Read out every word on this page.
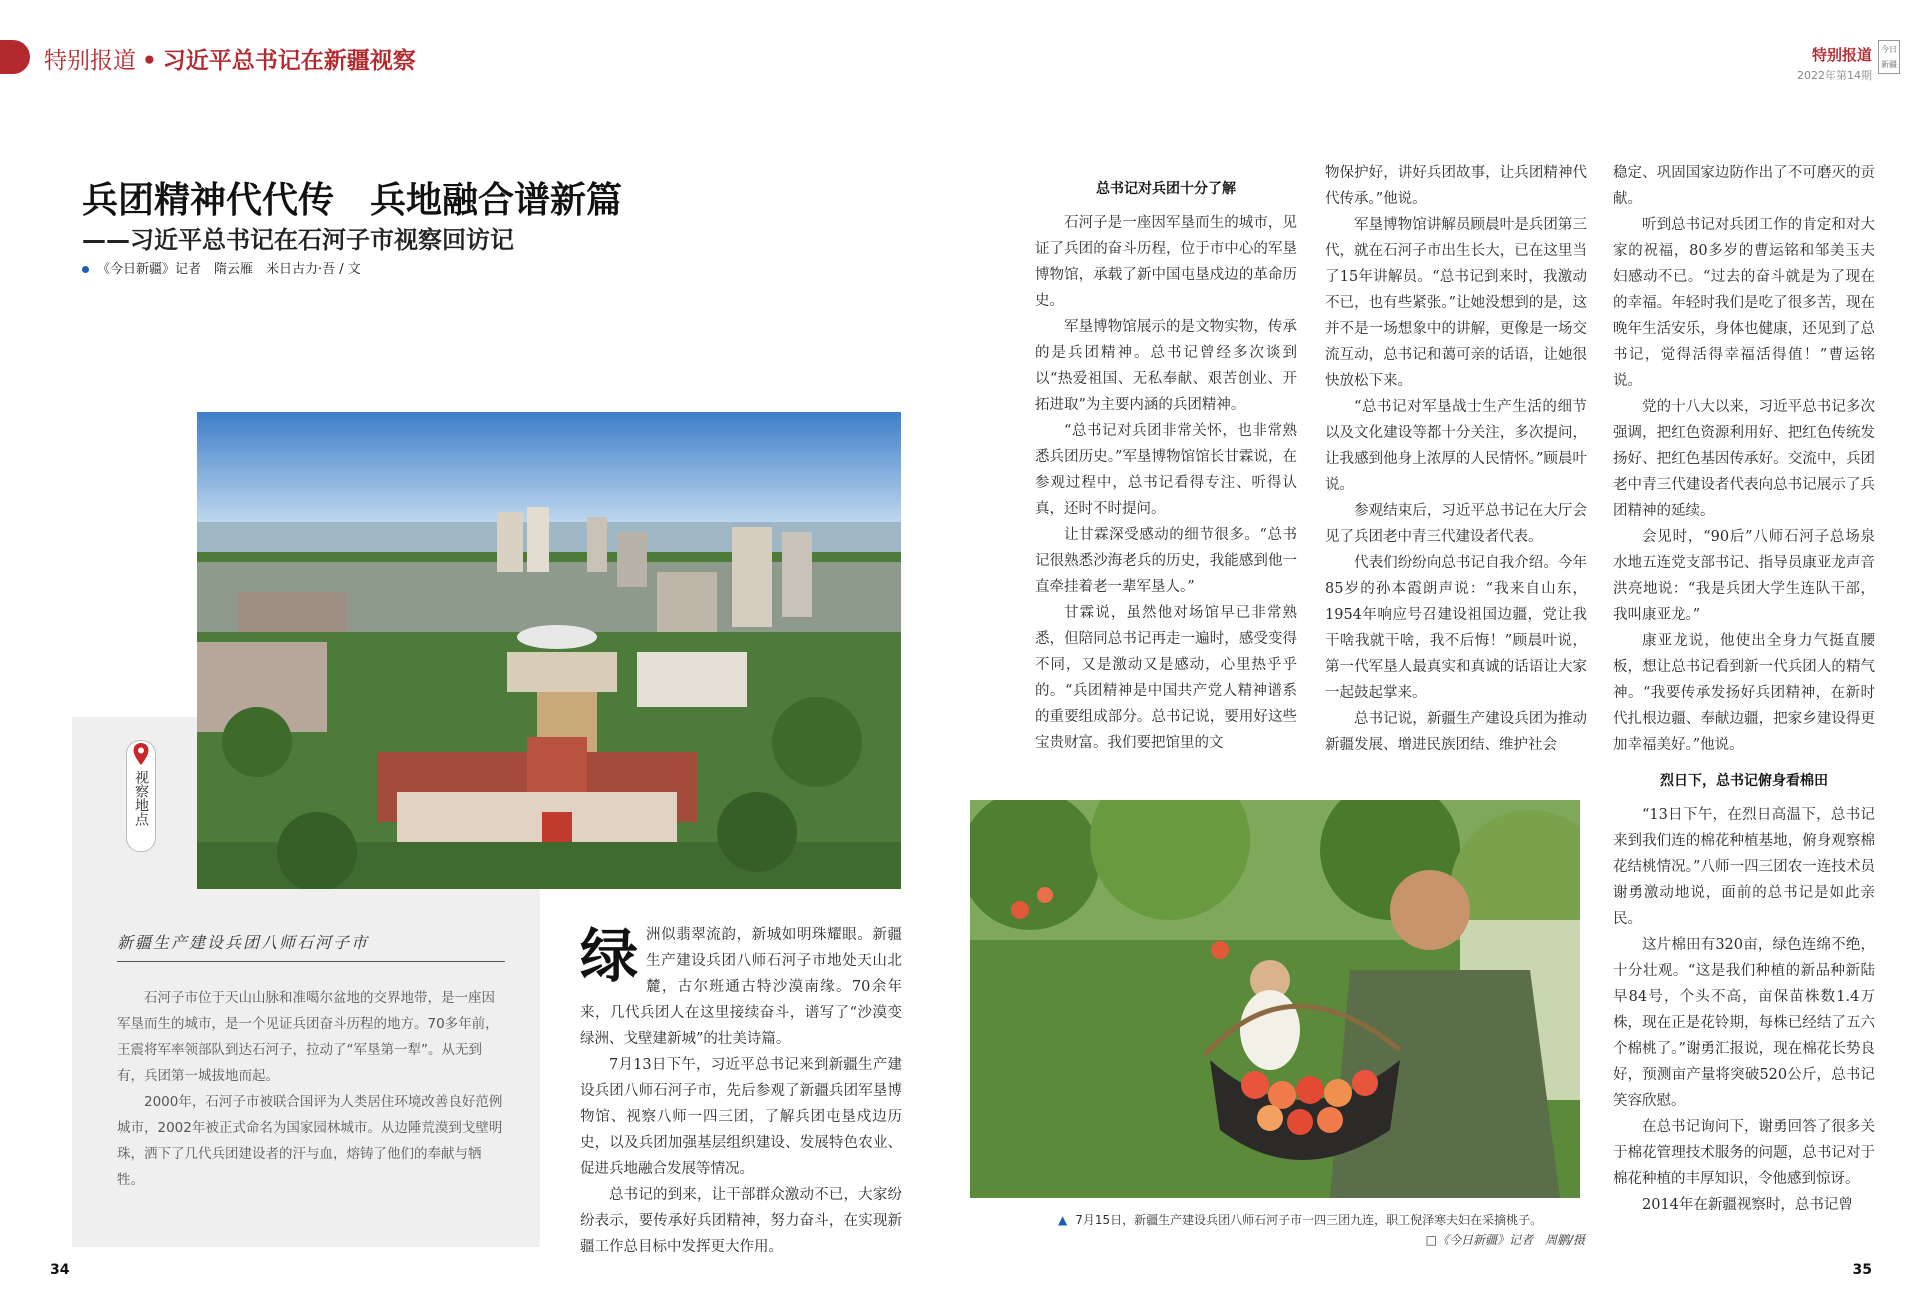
特别报道 • 习近平总书记在新疆视察	特别报道
2022年第14期
今日新疆
兵团精神代代传　兵地融合谱新篇
——习近平总书记在石河子市视察回访记
《今日新疆》记者　隋云雁　米日古力·吾 / 文
视察地点
新疆生产建设兵团八师石河子市

石河子市位于天山山脉和准噶尔盆地的交界地带，是一座因军垦而生的城市，是一个见证兵团奋斗历程的地方。70多年前，王震将军率领部队到达石河子，拉动了“军垦第一犁”。从无到有，兵团第一城拔地而起。

2000年，石河子市被联合国评为人类居住环境改善良好范例城市，2002年被正式命名为国家园林城市。从边陲荒漠到戈壁明珠，洒下了几代兵团建设者的汗与血，熔铸了他们的奉献与牺牲。

绿洲似翡翠流韵，新城如明珠耀眼。新疆生产建设兵团八师石河子市地处天山北麓，古尔班通古特沙漠南缘。70余年来，几代兵团人在这里接续奋斗，谱写了“沙漠变绿洲、戈壁建新城”的壮美诗篇。

7月13日下午，习近平总书记来到新疆生产建设兵团八师石河子市，先后参观了新疆兵团军垦博物馆、视察八师一四三团，了解兵团屯垦戍边历史，以及兵团加强基层组织建设、发展特色农业、促进兵地融合发展等情况。

总书记的到来，让干部群众激动不已，大家纷纷表示，要传承好兵团精神，努力奋斗，在实现新疆工作总目标中发挥更大作用。

总书记对兵团十分了解

石河子是一座因军垦而生的城市，见证了兵团的奋斗历程，位于市中心的军垦博物馆，承载了新中国屯垦戍边的革命历史。

军垦博物馆展示的是文物实物，传承的是兵团精神。总书记曾经多次谈到以“热爱祖国、无私奉献、艰苦创业、开拓进取”为主要内涵的兵团精神。

“总书记对兵团非常关怀，也非常熟悉兵团历史。”军垦博物馆馆长甘霖说，在参观过程中，总书记看得专注、听得认真，还时不时提问。

让甘霖深受感动的细节很多。“总书记很熟悉沙海老兵的历史，我能感到他一直牵挂着老一辈军垦人。”

甘霖说，虽然他对场馆早已非常熟悉，但陪同总书记再走一遍时，感受变得不同，又是激动又是感动，心里热乎乎的。“兵团精神是中国共产党人精神谱系的重要组成部分。总书记说，要用好这些宝贵财富。我们要把馆里的文

物保护好，讲好兵团故事，让兵团精神代代传承。”他说。

军垦博物馆讲解员顾晨叶是兵团第三代，就在石河子市出生长大，已在这里当了15年讲解员。“总书记到来时，我激动不已，也有些紧张。”让她没想到的是，这并不是一场想象中的讲解，更像是一场交流互动，总书记和蔼可亲的话语，让她很快放松下来。

“总书记对军垦战士生产生活的细节以及文化建设等都十分关注，多次提问，让我感到他身上浓厚的人民情怀。”顾晨叶说。

参观结束后，习近平总书记在大厅会见了兵团老中青三代建设者代表。

代表们纷纷向总书记自我介绍。今年85岁的孙本霞朗声说：“我来自山东，1954年响应号召建设祖国边疆，党让我干啥我就干啥，我不后悔！”顾晨叶说，第一代军垦人最真实和真诚的话语让大家一起鼓起掌来。

总书记说，新疆生产建设兵团为推动新疆发展、增进民族团结、维护社会

稳定、巩固国家边防作出了不可磨灭的贡献。

听到总书记对兵团工作的肯定和对大家的祝福，80多岁的曹运铭和邹美玉夫妇感动不已。“过去的奋斗就是为了现在的幸福。年轻时我们是吃了很多苦，现在晚年生活安乐，身体也健康，还见到了总书记，觉得活得幸福活得值！”曹运铭说。

党的十八大以来，习近平总书记多次强调，把红色资源利用好、把红色传统发扬好、把红色基因传承好。交流中，兵团老中青三代建设者代表向总书记展示了兵团精神的延续。

会见时，“90后”八师石河子总场泉水地五连党支部书记、指导员康亚龙声音洪亮地说：“我是兵团大学生连队干部，我叫康亚龙。”

康亚龙说，他使出全身力气挺直腰板，想让总书记看到新一代兵团人的精气神。“我要传承发扬好兵团精神，在新时代扎根边疆、奉献边疆，把家乡建设得更加幸福美好。”他说。

烈日下，总书记俯身看棉田

“13日下午，在烈日高温下，总书记来到我们连的棉花种植基地，俯身观察棉花结桃情况。”八师一四三团农一连技术员谢勇激动地说，面前的总书记是如此亲民。

这片棉田有320亩，绿色连绵不绝，十分壮观。“这是我们种植的新品种新陆早84号，个头不高，亩保苗株数1.4万株，现在正是花铃期，每株已经结了五六个棉桃了。”谢勇汇报说，现在棉花长势良好，预测亩产量将突破520公斤，总书记笑容欣慰。

在总书记询问下，谢勇回答了很多关于棉花管理技术服务的问题，总书记对于棉花种植的丰厚知识，令他感到惊讶。

2014年在新疆视察时，总书记曾

▲ 7月15日，新疆生产建设兵团八师石河子市一四三团九连，职工倪泽寒夫妇在采摘桃子。
□《今日新疆》记者　周鹏/摄
34	35
